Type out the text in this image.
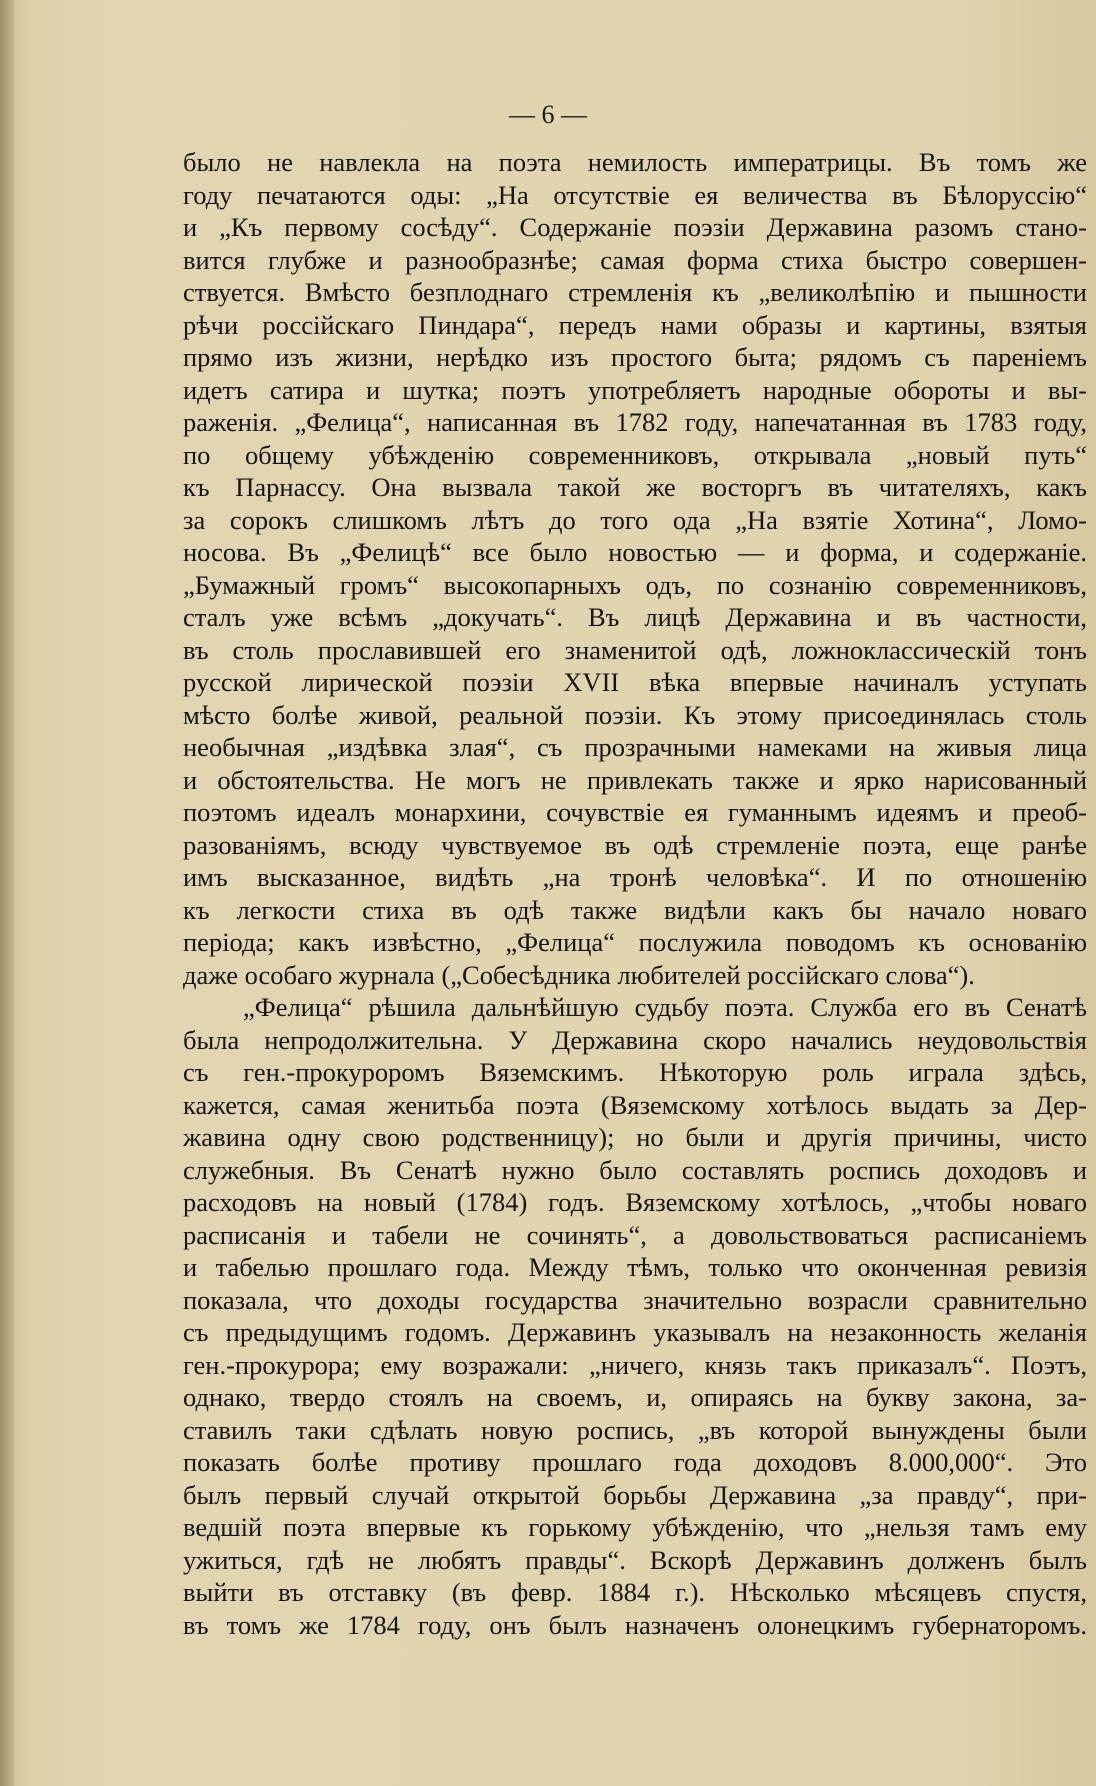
— 6 —
было не навлекла на поэта немилость императрицы. Въ томъ же
году печатаются оды: „На отсутствіе ея величества въ Бѣлоруссію“
и „Къ первому сосѣду“. Содержаніе поэзіи Державина разомъ стано-
вится глубже и разнообразнѣе; самая форма стиха быстро совершен-
ствуется. Вмѣсто безплоднаго стремленія къ „великолѣпію и пышности
рѣчи россійскаго Пиндара“, передъ нами образы и картины, взятыя
прямо изъ жизни, нерѣдко изъ простого быта; рядомъ съ пареніемъ
идетъ сатира и шутка; поэтъ употребляетъ народные обороты и вы-
раженія. „Фелица“, написанная въ 1782 году, напечатанная въ 1783 году,
по общему убѣжденію современниковъ, открывала „новый путь“
къ Парнассу. Она вызвала такой же восторгъ въ читателяхъ, какъ
за сорокъ слишкомъ лѣтъ до того ода „На взятіе Хотина“, Ломо-
носова. Въ „Фелицѣ“ все было новостью — и форма, и содержаніе.
„Бумажный громъ“ высокопарныхъ одъ, по сознанію современниковъ,
сталъ уже всѣмъ „докучать“. Въ лицѣ Державина и въ частности,
въ столь прославившей его знаменитой одѣ, ложноклассическій тонъ
русской лирической поэзіи XVII вѣка впервые начиналъ уступать
мѣсто болѣе живой, реальной поэзіи. Къ этому присоединялась столь
необычная „издѣвка злая“, съ прозрачными намеками на живыя лица
и обстоятельства. Не могъ не привлекать также и ярко нарисованный
поэтомъ идеалъ монархини, сочувствіе ея гуманнымъ идеямъ и преоб-
разованіямъ, всюду чувствуемое въ одѣ стремленіе поэта, еще ранѣе
имъ высказанное, видѣть „на тронѣ человѣка“. И по отношенію
къ легкости стиха въ одѣ также видѣли какъ бы начало новаго
періода; какъ извѣстно, „Фелица“ послужила поводомъ къ основанію
даже особаго журнала („Собесѣдника любителей россійскаго слова“).
„Фелица“ рѣшила дальнѣйшую судьбу поэта. Служба его въ Сенатѣ
была непродолжительна. У Державина скоро начались неудовольствія
съ ген.-прокуроромъ Вяземскимъ. Нѣкоторую роль играла здѣсь,
кажется, самая женитьба поэта (Вяземскому хотѣлось выдать за Дер-
жавина одну свою родственницу); но были и другія причины, чисто
служебныя. Въ Сенатѣ нужно было составлять роспись доходовъ и
расходовъ на новый (1784) годъ. Вяземскому хотѣлось, „чтобы новаго
расписанія и табели не сочинять“, а довольствоваться расписаніемъ
и табелью прошлаго года. Между тѣмъ, только что оконченная ревизія
показала, что доходы государства значительно возрасли сравнительно
съ предыдущимъ годомъ. Державинъ указывалъ на незаконность желанія
ген.-прокурора; ему возражали: „ничего, князь такъ приказалъ“. Поэтъ,
однако, твердо стоялъ на своемъ, и, опираясь на букву закона, за-
ставилъ таки сдѣлать новую роспись, „въ которой вынуждены были
показать болѣе противу прошлаго года доходовъ 8.000,000“. Это
былъ первый случай открытой борьбы Державина „за правду“, при-
ведшій поэта впервые къ горькому убѣжденію, что „нельзя тамъ ему
ужиться, гдѣ не любятъ правды“. Вскорѣ Державинъ долженъ былъ
выйти въ отставку (въ февр. 1884 г.). Нѣсколько мѣсяцевъ спустя,
въ томъ же 1784 году, онъ былъ назначенъ олонецкимъ губернаторомъ.
